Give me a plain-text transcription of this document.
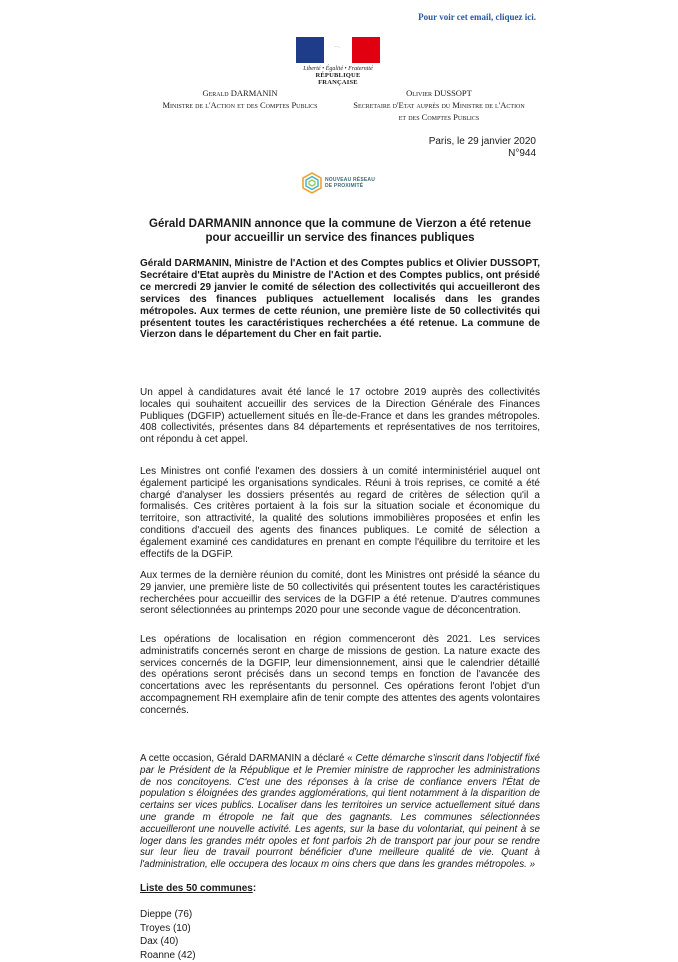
Pour voir cet email, cliquez ici.
Liberté • Égalité • Fraternité
RÉPUBLIQUE FRANÇAISE
Gerald DARMANIN
Ministre de l'Action et des Comptes Publics
Olivier DUSSOPT
Secretaire d'Etat auprès du Ministre de l'Action
et des Comptes Publics
Paris, le 29 janvier 2020
N°944
NOUVEAU RÉSEAU
DE PROXIMITÉ
Gérald DARMANIN annonce que la commune de Vierzon a été retenue pour accueillir un service des finances publiques
Gérald DARMANIN, Ministre de l'Action et des Comptes publics et Olivier DUSSOPT, Secrétaire d'Etat auprès du Ministre de l'Action et des Comptes publics, ont présidé ce mercredi 29 janvier le comité de sélection des collectivités qui accueilleront des services des finances publiques actuellement localisés dans les grandes métropoles. Aux termes de cette réunion, une première liste de 50 collectivités qui présentent toutes les caractéristiques recherchées a été retenue. La commune de Vierzon dans le département du Cher en fait partie.
Un appel à candidatures avait été lancé le 17 octobre 2019 auprès des collectivités locales qui souhaitent accueillir des services de la Direction Générale des Finances Publiques (DGFIP) actuellement situés en Île-de-France et dans les grandes métropoles. 408 collectivités, présentes dans 84 départements et représentatives de nos territoires, ont répondu à cet appel.
Les Ministres ont confié l'examen des dossiers à un comité interministériel auquel ont également participé les organisations syndicales. Réuni à trois reprises, ce comité a été chargé d'analyser les dossiers présentés au regard de critères de sélection qu'il a formalisés. Ces critères portaient à la fois sur la situation sociale et économique du territoire, son attractivité, la qualité des solutions immobilières proposées et enfin les conditions d'accueil des agents des finances publiques. Le comité de sélection a également examiné ces candidatures en prenant en compte l'équilibre du territoire et les effectifs de la DGFiP.
Aux termes de la dernière réunion du comité, dont les Ministres ont présidé la séance du 29 janvier, une première liste de 50 collectivités qui présentent toutes les caractéristiques recherchées pour accueillir des services de la DGFIP a été retenue. D'autres communes seront sélectionnées au printemps 2020 pour une seconde vague de déconcentration.
Les opérations de localisation en région commenceront dès 2021. Les services administratifs concernés seront en charge de missions de gestion. La nature exacte des services concernés de la DGFIP, leur dimensionnement, ainsi que le calendrier détaillé des opérations seront précisés dans un second temps en fonction de l'avancée des concertations avec les représentants du personnel. Ces opérations feront l'objet d'un accompagnement RH exemplaire afin de tenir compte des attentes des agents volontaires concernés.
A cette occasion, Gérald DARMANIN a déclaré « Cette démarche s'inscrit dans l'objectif fixé par le Président de la République et le Premier ministre de rapprocher les administrations de nos concitoyens. C'est une des réponses à la crise de confiance envers l'État de population s éloignées des grandes agglomérations, qui tient notamment à la disparition de certains ser vices publics. Localiser dans les territoires un service actuellement situé dans une grande m étropole ne fait que des gagnants. Les communes sélectionnées accueilleront une nouvelle activité. Les agents, sur la base du volontariat, qui peinent à se loger dans les grandes métr opoles et font parfois 2h de transport par jour pour se rendre sur leur lieu de travail pourront bénéficier d'une meilleure qualité de vie. Quant à l'administration, elle occupera des locaux m oins chers que dans les grandes métropoles. »
Liste des 50 communes:
Dieppe (76)
Troyes (10)
Dax (40)
Roanne (42)
